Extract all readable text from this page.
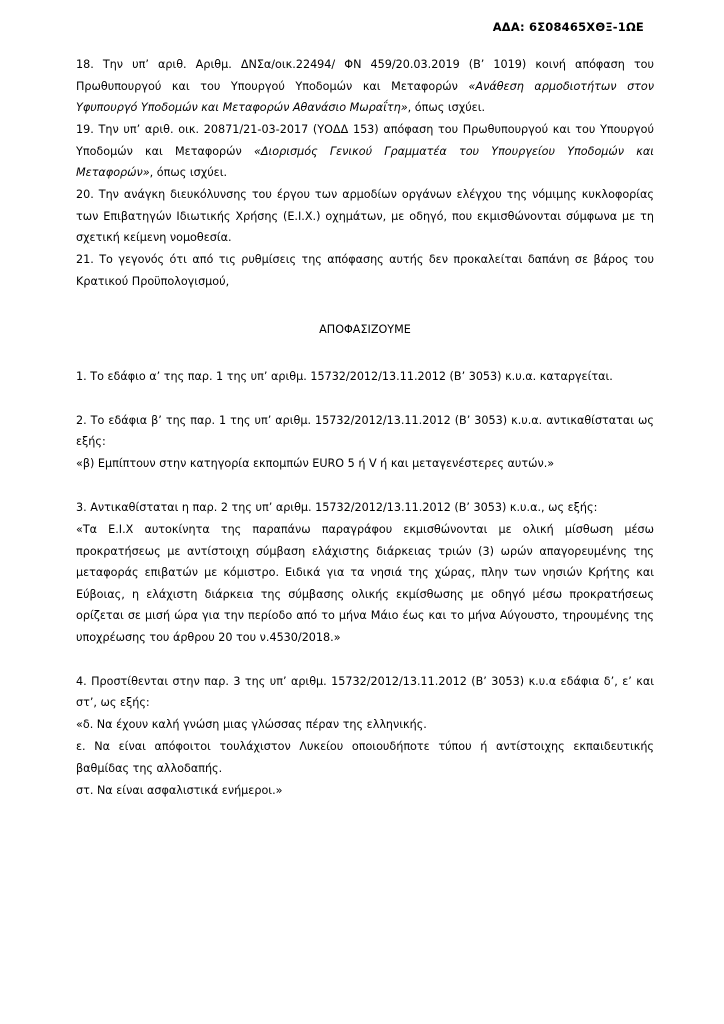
ΑΔΑ: 6Σ08465ΧΘΞ-1ΩΕ

18. Την υπ’ αριθ. Αριθμ. ΔΝΣα/οικ.22494/ ΦΝ 459/20.03.2019 (Β’ 1019) κοινή απόφαση του Πρωθυπουργού και του Υπουργού Υποδομών και Μεταφορών «Ανάθεση αρμοδιοτήτων στον Υφυπουργό Υποδομών και Μεταφορών Αθανάσιο Μωραΐτη», όπως ισχύει.

19. Την υπ’ αριθ. οικ. 20871/21-03-2017 (ΥΟΔΔ 153) απόφαση του Πρωθυπουργού και του Υπουργού Υποδομών και Μεταφορών «Διορισμός Γενικού Γραμματέα του Υπουργείου Υποδομών και Μεταφορών», όπως ισχύει.

20. Την ανάγκη διευκόλυνσης του έργου των αρμοδίων οργάνων ελέγχου της νόμιμης κυκλοφορίας των Επιβατηγών Ιδιωτικής Χρήσης (Ε.Ι.Χ.) οχημάτων, με οδηγό, που εκμισθώνονται σύμφωνα με τη σχετική κείμενη νομοθεσία.

21. Το γεγονός ότι από τις ρυθμίσεις της απόφασης αυτής δεν προκαλείται δαπάνη σε βάρος του Κρατικού Προϋπολογισμού,

ΑΠΟΦΑΣΙΖΟΥΜΕ

1. Το εδάφιο α’ της παρ. 1 της υπ’ αριθμ. 15732/2012/13.11.2012 (Β’ 3053) κ.υ.α. καταργείται.

2. Το εδάφια β’ της παρ. 1 της υπ’ αριθμ. 15732/2012/13.11.2012 (Β’ 3053) κ.υ.α. αντικαθίσταται ως εξής:

«β) Εμπίπτουν στην κατηγορία εκπομπών EURO 5 ή V ή και μεταγενέστερες αυτών.»

3. Αντικαθίσταται η παρ. 2 της υπ’ αριθμ. 15732/2012/13.11.2012 (Β’ 3053) κ.υ.α., ως εξής:

«Τα Ε.Ι.Χ αυτοκίνητα της παραπάνω παραγράφου εκμισθώνονται με ολική μίσθωση μέσω προκρατήσεως με αντίστοιχη σύμβαση ελάχιστης διάρκειας τριών (3) ωρών απαγορευμένης της μεταφοράς επιβατών με κόμιστρο. Ειδικά για τα νησιά της χώρας, πλην των νησιών Κρήτης και Εύβοιας, η ελάχιστη διάρκεια της σύμβασης ολικής εκμίσθωσης με οδηγό μέσω προκρατήσεως ορίζεται σε μισή ώρα για την περίοδο από το μήνα Μάιο έως και το μήνα Αύγουστο, τηρουμένης της υποχρέωσης του άρθρου 20 του ν.4530/2018.»

4. Προστίθενται στην παρ. 3 της υπ’ αριθμ. 15732/2012/13.11.2012 (Β’ 3053) κ.υ.α εδάφια δ’, ε’ και στ’, ως εξής:

«δ. Να έχουν καλή γνώση μιας γλώσσας πέραν της ελληνικής.

ε. Να είναι απόφοιτοι τουλάχιστον Λυκείου οποιουδήποτε τύπου ή αντίστοιχης εκπαιδευτικής βαθμίδας της αλλοδαπής.

στ. Να είναι ασφαλιστικά ενήμεροι.»
